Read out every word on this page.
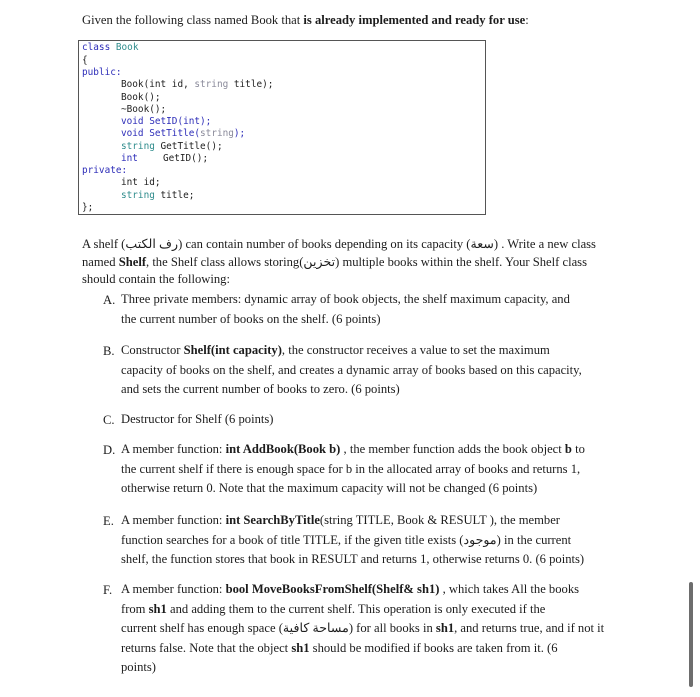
Given the following class named Book that is already implemented and ready for use:
class Book
{
public:
Book(int id, string title);
Book();
~Book();
void SetID(int);
void SetTitle(string);
string GetTitle();
int	GetID();
private:
int id;
string title;
};
A shelf (رف الكتب) can contain number of books depending on its capacity (سعة) . Write a new class
named Shelf, the Shelf class allows storing(تخزين) multiple books within the shelf. Your Shelf class
should contain the following:
A. Three private members: dynamic array of book objects, the shelf maximum capacity, and
the current number of books on the shelf. (6 points)
B. Constructor Shelf(int capacity), the constructor receives a value to set the maximum
capacity of books on the shelf, and creates a dynamic array of books based on this capacity,
and sets the current number of books to zero. (6 points)
C. Destructor for Shelf (6 points)
D. A member function: int AddBook(Book b) , the member function adds the book object b to
the current shelf if there is enough space for b in the allocated array of books and returns 1,
otherwise return 0. Note that the maximum capacity will not be changed (6 points)
E. A member function: int SearchByTitle(string TITLE, Book & RESULT ), the member
function searches for a book of title TITLE, if the given title exists (موجود) in the current
shelf, the function stores that book in RESULT and returns 1, otherwise returns 0. (6 points)
F. A member function: bool MoveBooksFromShelf(Shelf& sh1) , which takes All the books
from sh1 and adding them to the current shelf. This operation is only executed if the
current shelf has enough space (مساحة كافية) for all books in sh1, and returns true, and if not it
returns false. Note that the object sh1 should be modified if books are taken from it. (6
points)
